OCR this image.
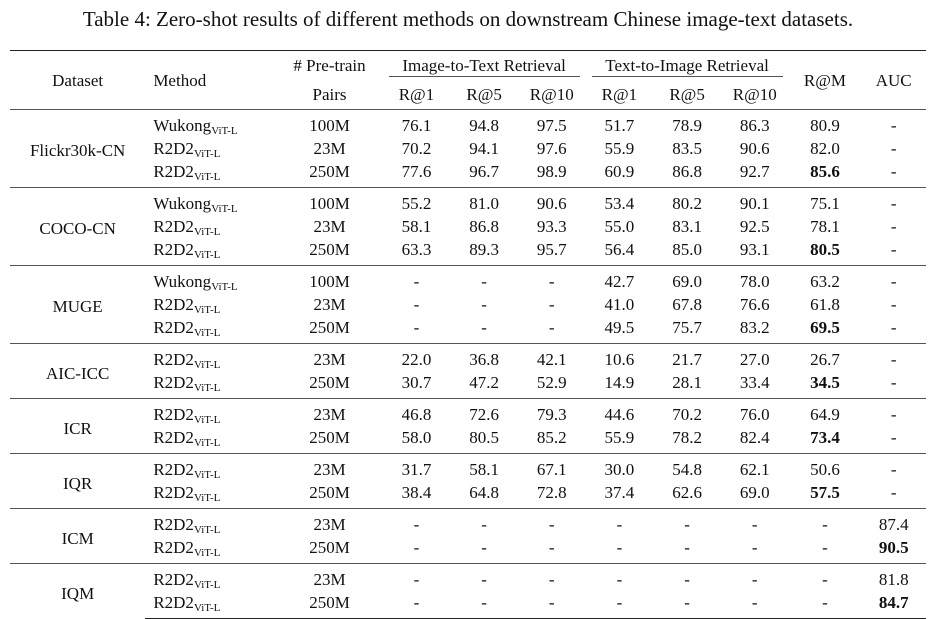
Table 4: Zero-shot results of different methods on downstream Chinese image-text datasets.
Dataset	Method	# Pre-train	Image-to-Text Retrieval			Text-to-Image Retrieval			R@M	AUC
		Pairs	R@1	R@5	R@10	R@1	R@5	R@10		
Flickr30k-CN	Wukong$_{ViT-L}$	100M	76.1	94.8	97.5	51.7	78.9	86.3	80.9	-
	$R2D2_{ViT-L}$	23M	70.2	94.1	97.6	55.9	83.5	90.6	82.0	-
	$R2D2_{ViT-L}$	250M	77.6	96.7	98.9	60.9	86.8	92.7	85.6	-
COCO-CN	Wukong$_{ViT-L}$	100M	55.2	81.0	90.6	53.4	80.2	90.1	75.1	-
	$R2D2_{ViT-L}$	23M	58.1	86.8	93.3	55.0	83.1	92.5	78.1	-
	$R2D2_{ViT-L}$	250M	63.3	89.3	95.7	56.4	85.0	93.1	80.5	-
MUGE	Wukong$_{ViT-L}$	100M	-	-	-	42.7	69.0	78.0	63.2	-
	$R2D2_{ViT-L}$	23M	-	-	-	41.0	67.8	76.6	61.8	-
	$R2D2_{ViT-L}$	250M	-	-	-	49.5	75.7	83.2	69.5	-
AIC-ICC	$R2D2_{ViT-L}$	23M	22.0	36.8	42.1	10.6	21.7	27.0	26.7	-
	$R2D2_{ViT-L}$	250M	30.7	47.2	52.9	14.9	28.1	33.4	34.5	-
ICR	$R2D2_{ViT-L}$	23M	46.8	72.6	79.3	44.6	70.2	76.0	64.9	-
	$R2D2_{ViT-L}$	250M	58.0	80.5	85.2	55.9	78.2	82.4	73.4	-
IQR	$R2D2_{ViT-L}$	23M	31.7	58.1	67.1	30.0	54.8	62.1	50.6	-
	$R2D2_{ViT-L}$	250M	38.4	64.8	72.8	37.4	62.6	69.0	57.5	-
ICM	$R2D2_{ViT-L}$	23M	-	-	-	-	-	-	-	87.4
	$R2D2_{ViT-L}$	250M	-	-	-	-	-	-	-	90.5
IQM	$R2D2_{ViT-L}$	23M	-	-	-	-	-	-	-	81.8
	$R2D2_{ViT-L}$	250M	-	-	-	-	-	-	-	84.7
